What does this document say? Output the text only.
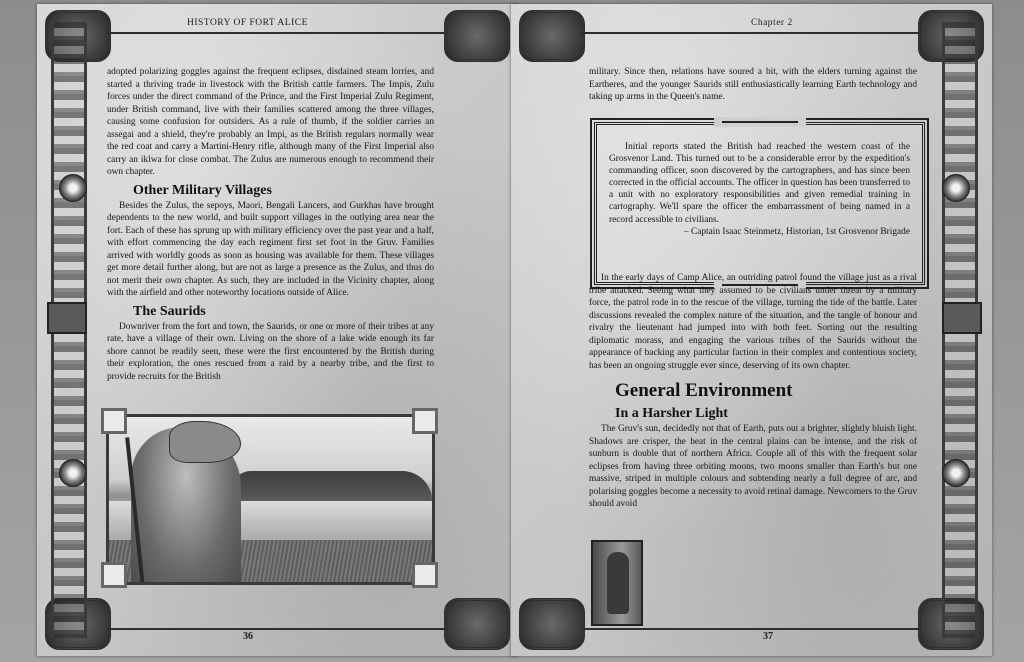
HISTORY OF FORT ALICE

adopted polarizing goggles against the frequent eclipses, disdained steam lorries, and started a thriving trade in livestock with the British cattle farmers. The Impis, Zulu forces under the direct command of the Prince, and the First Imperial Zulu Regiment, under British command, live with their families scattered among the three villages, causing some confusion for outsiders. As a rule of thumb, if the soldier carries an assegai and a shield, they're probably an Impi, as the British regulars normally wear the red coat and carry a Martini-Henry rifle, although many of the First Imperial also carry an iklwa for close combat. The Zulus are numerous enough to recommend their own chapter.

Other Military Villages

Besides the Zulus, the sepoys, Maori, Bengali Lancers, and Gurkhas have brought dependents to the new world, and built support villages in the outlying area near the fort. Each of these has sprung up with military efficiency over the past year and a half, with effort commencing the day each regiment first set foot in the Gruv. Families arrived with worldly goods as soon as housing was available for them. These villages get more detail further along, but are not as large a presence as the Zulus, and thus do not merit their own chapter. As such, they are included in the Vicinity chapter, along with the airfield and other noteworthy locations outside of Alice.

The Saurids

Downriver from the fort and town, the Saurids, or one or more of their tribes at any rate, have a village of their own. Living on the shore of a lake wide enough its far shore cannot be readily seen, these were the first encountered by the British during their exploration, the ones rescued from a raid by a nearby tribe, and the first to provide recruits for the British

36
Chapter 2

military. Since then, relations have soured a bit, with the elders turning against the Eartheres, and the younger Saurids still enthusiastically learning Earth technology and taking up arms in the Queen's name.

Initial reports stated the British had reached the western coast of the Grosvenor Land. This turned out to be a considerable error by the expedition's commanding officer, soon discovered by the cartographers, and has since been corrected in the official accounts. The officer in question has been transferred to a unit with no exploratory responsibilities and given remedial training in cartography. We'll spare the officer the embarrassment of being named in a record accessible to civilians.

– Captain Isaac Steinmetz, Historian, 1st Grosvenor Brigade

In the early days of Camp Alice, an outriding patrol found the village just as a rival tribe attacked. Seeing what they assumed to be civilians under threat by a military force, the patrol rode in to the rescue of the village, turning the tide of the battle. Later discussions revealed the complex nature of the situation, and the tangle of honour and rivalry the lieutenant had jumped into with both feet. Sorting out the resulting diplomatic morass, and engaging the various tribes of the Saurids without the appearance of backing any particular faction in their complex and contentious society, has been an ongoing struggle ever since, deserving of its own chapter.

General Environment
In a Harsher Light

The Gruv's sun, decidedly not that of Earth, puts out a brighter, slightly bluish light. Shadows are crisper, the heat in the central plains can be intense, and the risk of sunburn is double that of northern Africa. Couple all of this with the frequent solar eclipses from having three orbiting moons, two moons smaller than Earth's but one massive, striped in multiple colours and subtending nearly a full degree of arc, and polarising goggles become a necessity to avoid retinal damage. Newcomers to the Gruv should avoid

37
